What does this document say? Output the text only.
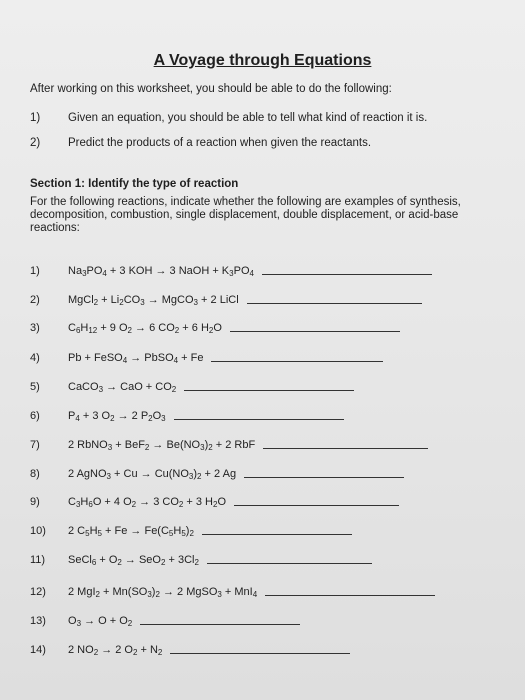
A Voyage through Equations
After working on this worksheet, you should be able to do the following:
1) Given an equation, you should be able to tell what kind of reaction it is.
2) Predict the products of a reaction when given the reactants.
Section 1: Identify the type of reaction
For the following reactions, indicate whether the following are examples of synthesis, decomposition, combustion, single displacement, double displacement, or acid-base reactions:
1)	$Na_3PO_4 + 3$ KOH → 3 NaOH + $K_3PO_4$
2)	MgCl$_2$ + $Li_2CO_3$ → MgCO$_3$ + 2 LiCl
3)	$C_6H_{12} + 9$ $O_2 \to 6$ $CO_2 + 6$ $H_2O$
4)	Pb + FeSO$_4$ → PbSO$_4$ + Fe
5)	CaCO$_3$ → CaO + $CO_2$
6)	$P_4 + 3$ $O_2 \to 2$ $P_2O_3$
7)	2 RbNO$_3$ + $BeF_2 \to Be(NO_3)_2 + 2$ RbF
8)	2 AgNO$_3$ + $Cu \to Cu(NO_3)_2 + 2$ Ag
9)	$C_3H_6O + 4$ $O_2 \to 3$ $CO_2 + 3$ $H_2O$
10)	2 $C_5H_5 + Fe \to Fe(C_5H_5)_2$
11)	SeCl$_6$ + $O_2 \to SeO_2 + 3Cl_2$
12)	2 $MgI_2 + Mn(SO_3)_2 \to 2$ MgSO$_3$ + MnI$_4$
13)	$O_3 \to O + O_2$
14)	2 $NO_2 \to 2$ $O_2 + N_2$
